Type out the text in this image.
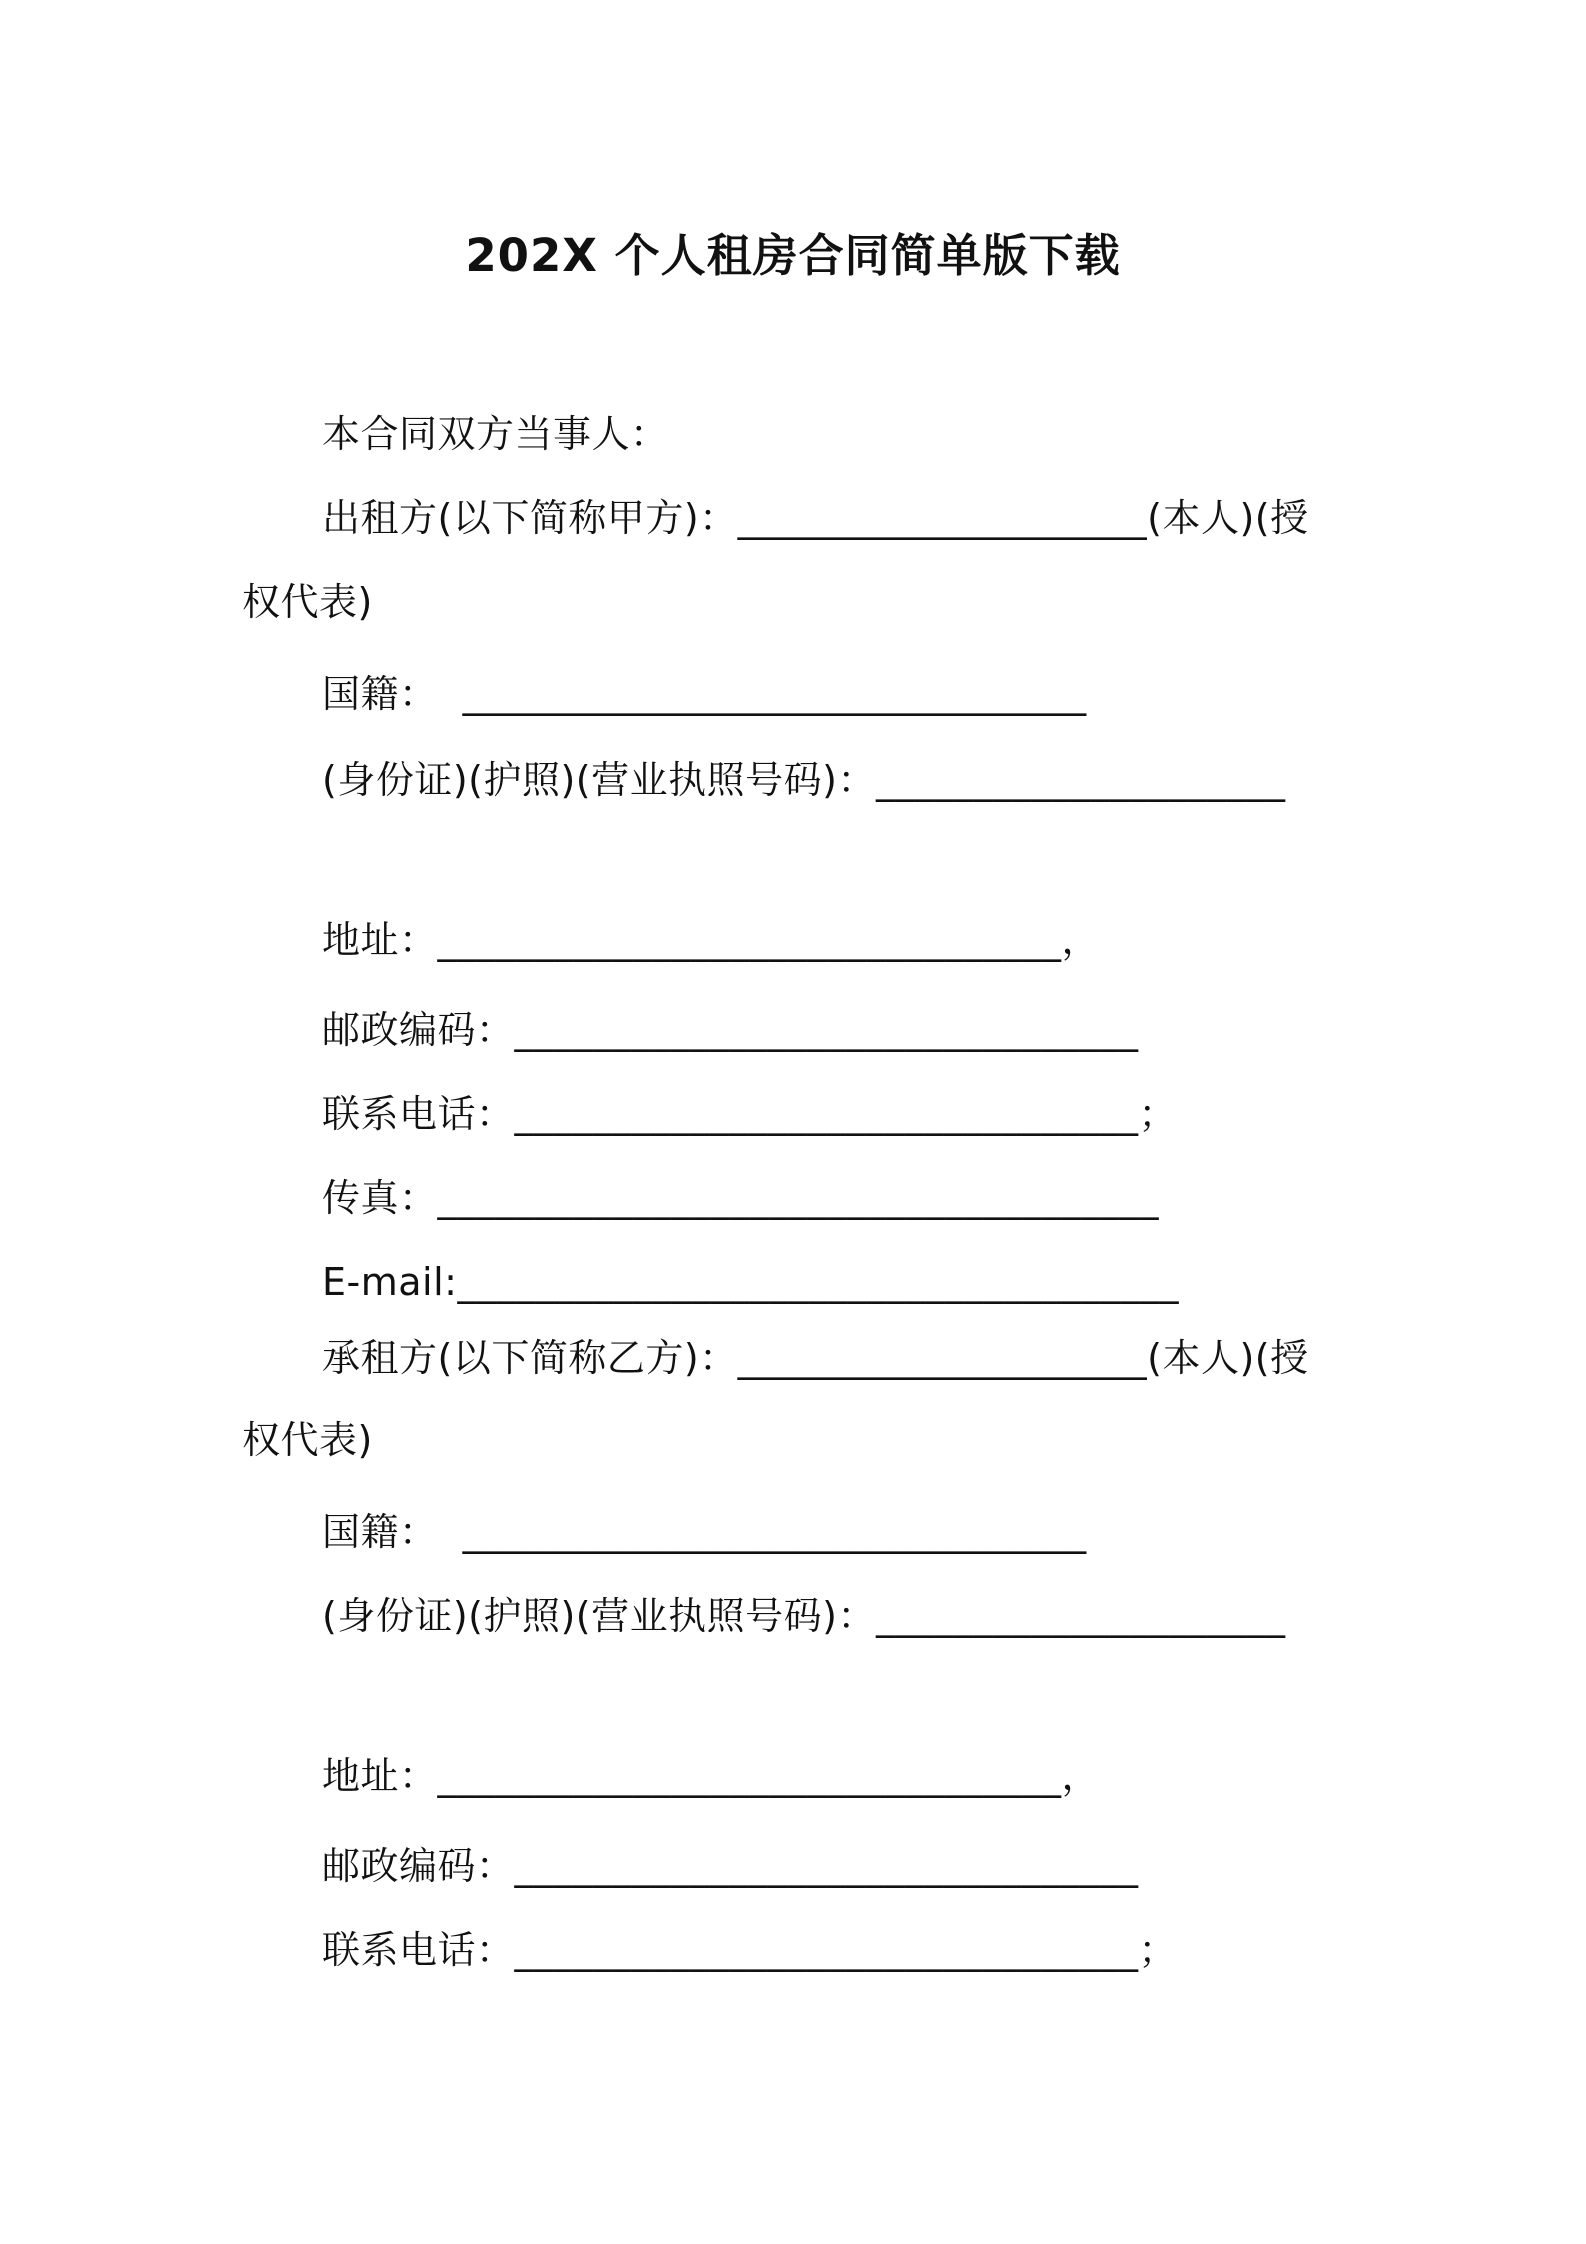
202X 个人租房合同简单版下载
本合同双方当事人：
出租方(以下简称甲方)：_____________________(本人)(授
权代表)
国籍：  ________________________________
(身份证)(护照)(营业执照号码)：_____________________
地址：________________________________，
邮政编码：________________________________
联系电话：________________________________；
传真：_____________________________________
E-mail:_____________________________________
承租方(以下简称乙方)：_____________________(本人)(授
权代表)
国籍：  ________________________________
(身份证)(护照)(营业执照号码)：_____________________
地址：________________________________，
邮政编码：________________________________
联系电话：________________________________；
